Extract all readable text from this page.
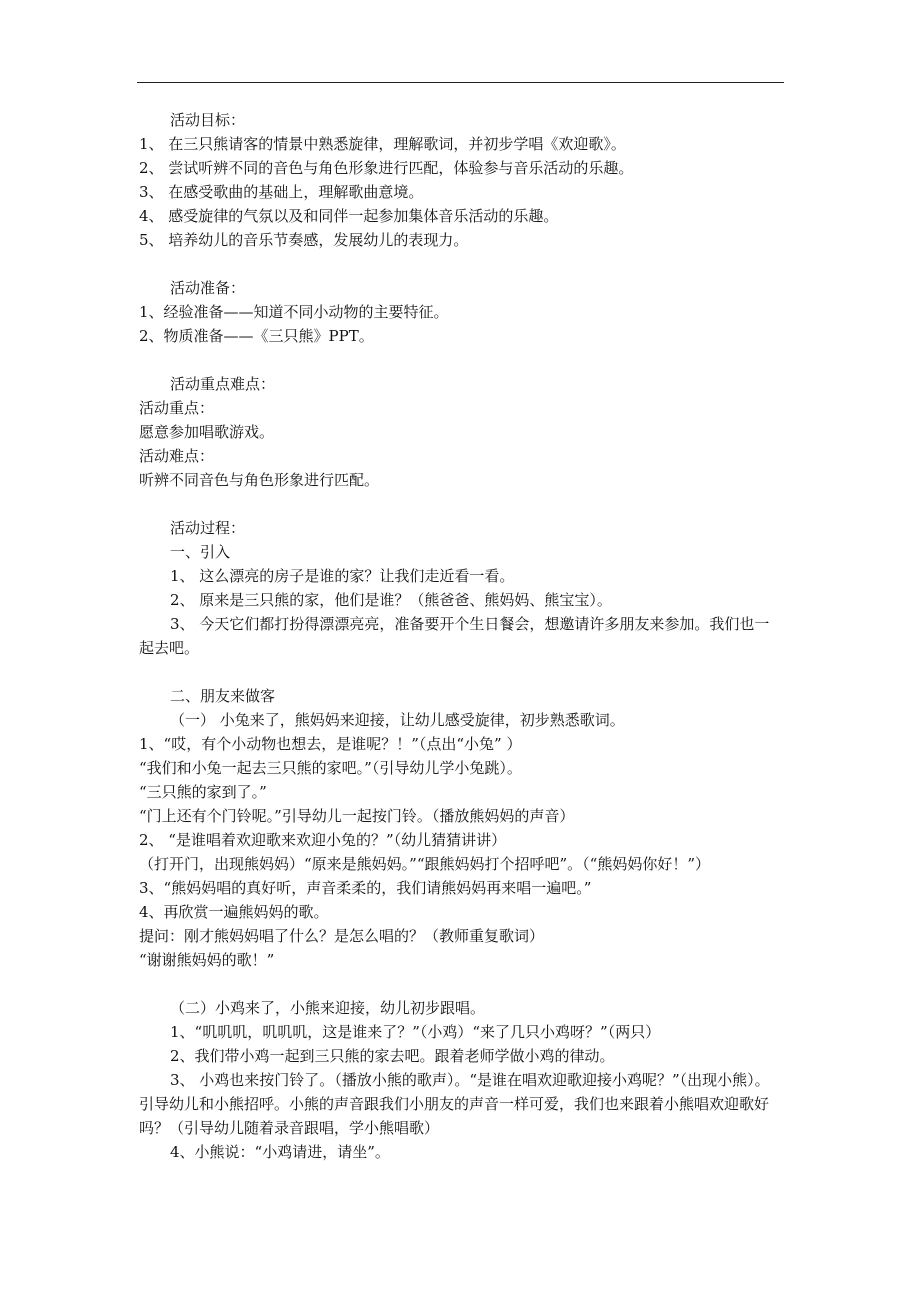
活动目标：
1、 在三只熊请客的情景中熟悉旋律，理解歌词，并初步学唱《欢迎歌》。
2、 尝试听辨不同的音色与角色形象进行匹配，体验参与音乐活动的乐趣。
3、 在感受歌曲的基础上，理解歌曲意境。
4、 感受旋律的气氛以及和同伴一起参加集体音乐活动的乐趣。
5、 培养幼儿的音乐节奏感，发展幼儿的表现力。
活动准备：
1、经验准备——知道不同小动物的主要特征。
2、物质准备——《三只熊》PPT。
活动重点难点：
活动重点：
愿意参加唱歌游戏。
活动难点：
听辨不同音色与角色形象进行匹配。
活动过程：
一、引入
1、 这么漂亮的房子是谁的家？让我们走近看一看。
2、 原来是三只熊的家，他们是谁？（熊爸爸、熊妈妈、熊宝宝）。
3、 今天它们都打扮得漂漂亮亮，准备要开个生日餐会，想邀请许多朋友来参加。我们也一起去吧。
二、朋友来做客
（一） 小兔来了，熊妈妈来迎接，让幼儿感受旋律，初步熟悉歌词。
1、“哎，有个小动物也想去，是谁呢？！”（点出“小兔” ）
“我们和小兔一起去三只熊的家吧。”（引导幼儿学小兔跳）。
“三只熊的家到了。”
“门上还有个门铃呢。”引导幼儿一起按门铃。（播放熊妈妈的声音）
2、 “是谁唱着欢迎歌来欢迎小兔的？”（幼儿猜猜讲讲）
（打开门，出现熊妈妈）“原来是熊妈妈。”“跟熊妈妈打个招呼吧”。（“熊妈妈你好！”）
3、“熊妈妈唱的真好听，声音柔柔的，我们请熊妈妈再来唱一遍吧。”
4、再欣赏一遍熊妈妈的歌。
提问：刚才熊妈妈唱了什么？是怎么唱的？（教师重复歌词）
“谢谢熊妈妈的歌！”
（二）小鸡来了，小熊来迎接，幼儿初步跟唱。
1、“叽叽叽，叽叽叽，这是谁来了？”（小鸡）“来了几只小鸡呀？”（两只）
2、我们带小鸡一起到三只熊的家去吧。跟着老师学做小鸡的律动。
3、 小鸡也来按门铃了。（播放小熊的歌声）。“是谁在唱欢迎歌迎接小鸡呢？”（出现小熊）。引导幼儿和小熊招呼。小熊的声音跟我们小朋友的声音一样可爱，我们也来跟着小熊唱欢迎歌好吗？（引导幼儿随着录音跟唱，学小熊唱歌）
4、小熊说：“小鸡请进，请坐”。
